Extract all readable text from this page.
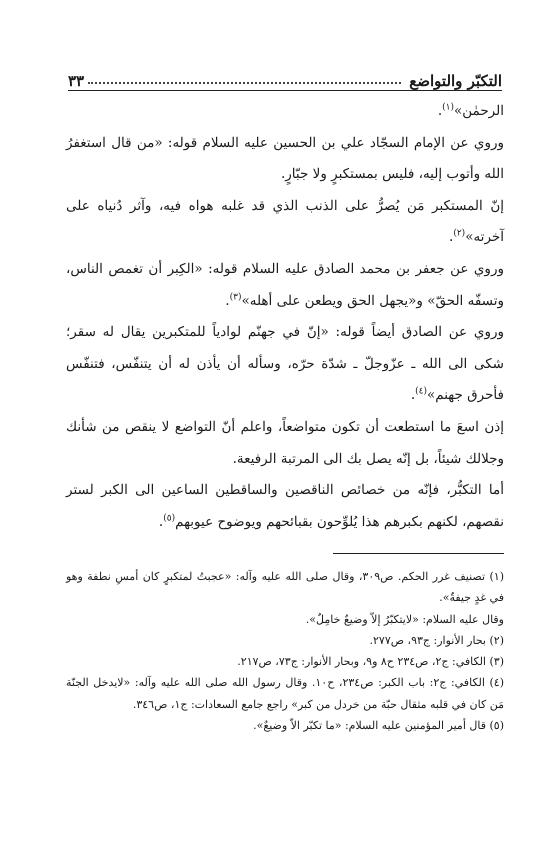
التكبّر والتواضع
٣٣

الرحمٰن»$^{(١)}$.

وروي عن الإمام السجّاد علي بن الحسين عليه السلام قوله: «من قال استغفرُ الله وأتوب إليه، فليس بمستكبرٍ ولا جبّارٍ.

إنّ المستكبر مَن يُصرُّ على الذنب الذي قد غلبه هواه فيه، وآثر دُنياه على آخرته»$^{(٢)}$.

وروي عن جعفر بن محمد الصادق عليه السلام قوله: «الكِبر أن تغمص الناس، وتسفّه الحقّ» و«يجهل الحق ويطعن على أهله»$^{(٣)}$.

وروي عن الصادق أيضاً قوله: «إنّ في جهنّم لوادياً للمتكبرين يقال له سقر؛ شكى الى الله ـ عزّوجلّ ـ شدّة حرّه، وسأله أن يأذن له أن يتنفّس، فتنفّس فأحرق جهنم»$^{(٤)}$.

إذن اسعَ ما استطعت أن تكون متواضعاً، واعلم أنّ التواضع لا ينقص من شأنك وجلالك شيئاً، بل إنّه يصل بك الى المرتبة الرفيعة.

أما التكبُّر، فإنّه من خصائص الناقصين والساقطين الساعين الى الكبر لستر نقصهم، لكنهم بكبرهم هذا يُلوِّحون بقبائحهم ويوضوح عيوبهم$^{(٥)}$.

(١) تصنيف غرر الحكم. ص٣٠٩، وقال صلى الله عليه وآله: «عجبتُ لمتكبرٍ كان أمسِ نطفة وهو في غدٍ جيفةٌ».

وقال عليه السلام: «لايتكبّرُ إلاّ وضيعٌ خامِلٌ».

(٢) بحار الأنوار: ج٩٣، ص٢٧٧.

(٣) الكافي: ج٢، ص٢٣٤ ح٨ و٩، وبحار الأنوار: ج٧٣، ص٢١٧.

(٤) الكافي: ج٢: باب الكبر: ص٢٣٤، ح١٠. وقال رسول الله صلى الله عليه وآله: «لايدخل الجنّة مَن كان في قلبه مثقال حبّة من خردل من كبر» راجع جامع السعادات: ج١، ص٣٤٦.

(٥) قال أمير المؤمنين عليه السلام: «ما تكبّر الاّ وضيعٌ».
